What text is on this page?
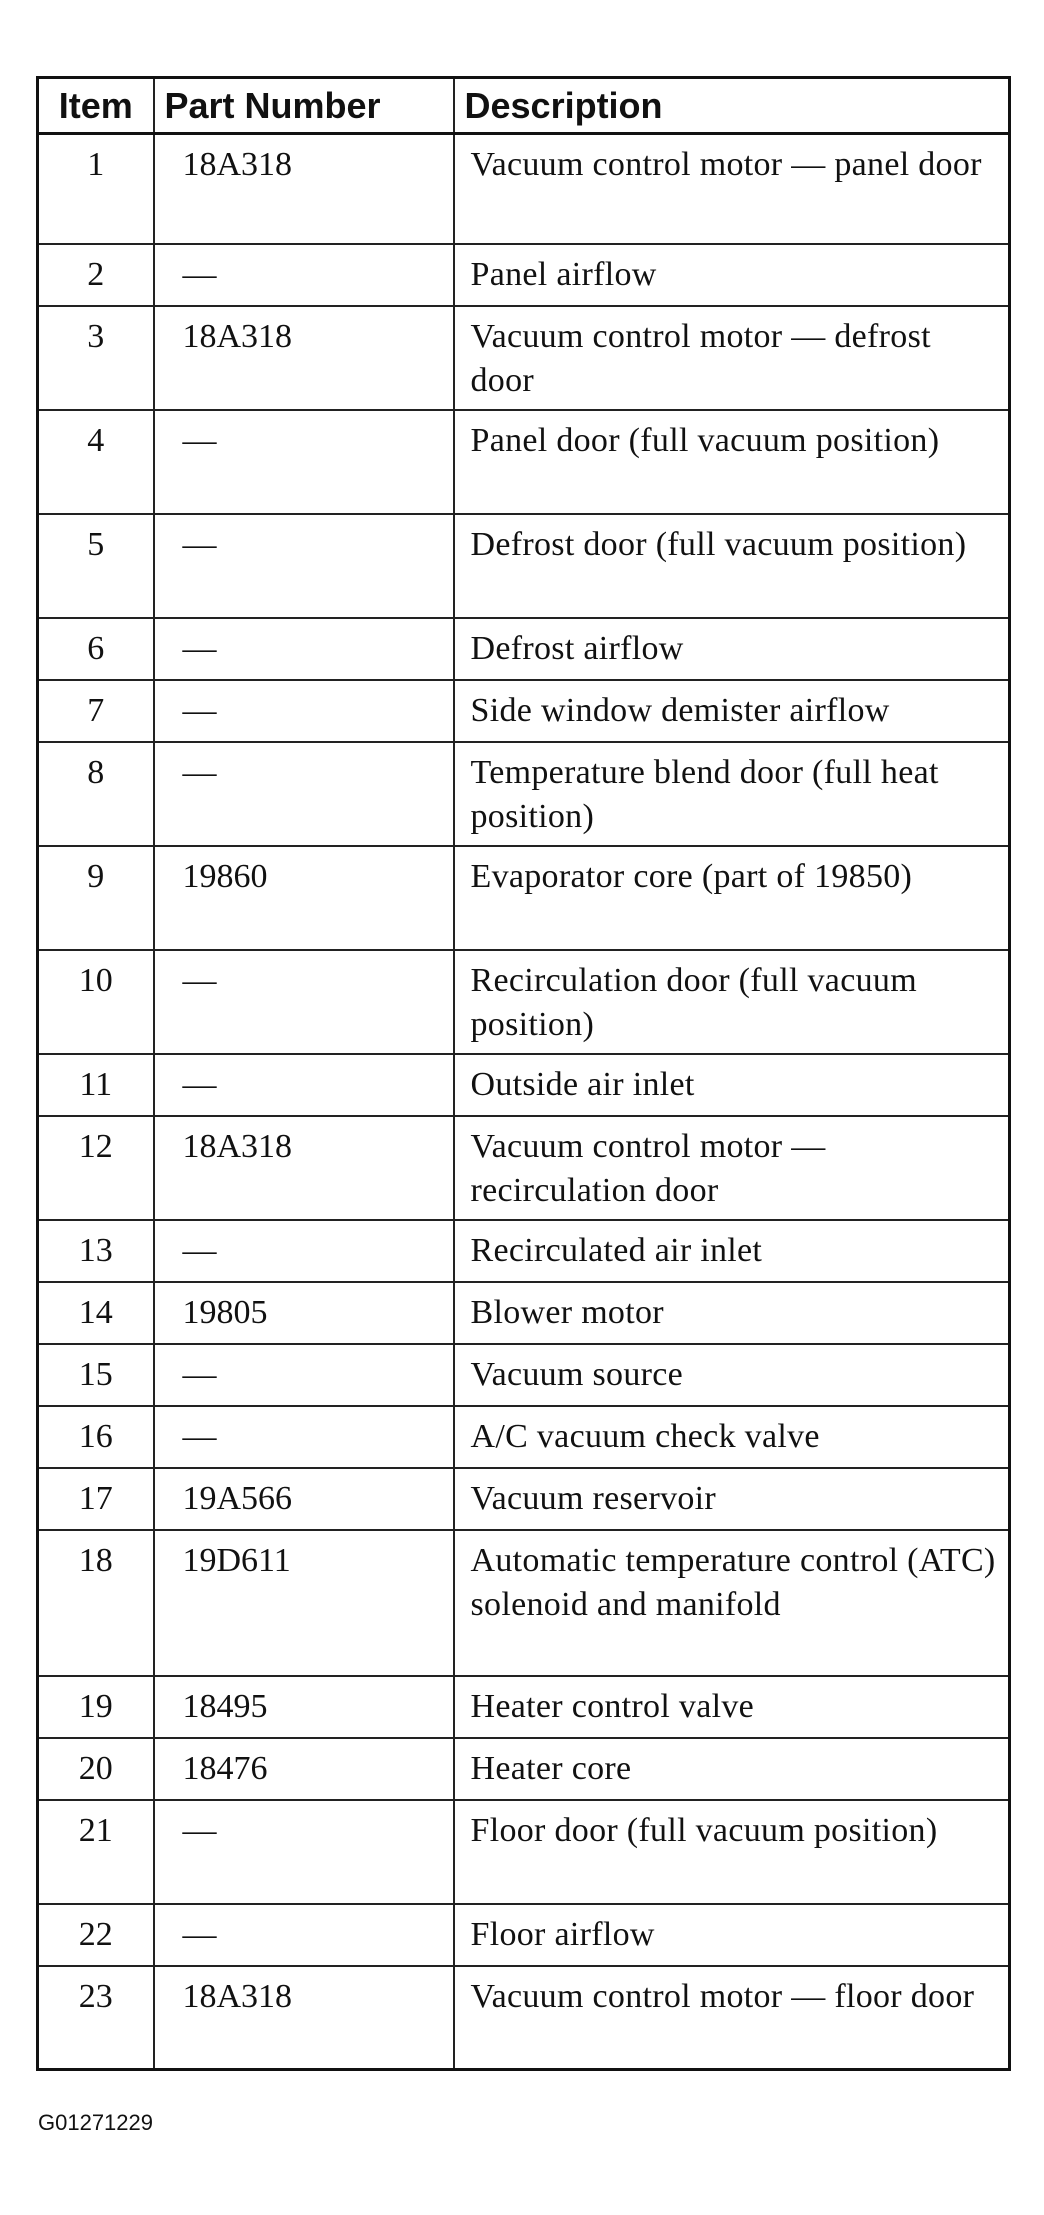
Item	Part Number	Description
1	18A318	Vacuum control motor — panel door
2	—	Panel airflow
3	18A318	Vacuum control motor — defrost door
4	—	Panel door (full vacuum position)
5	—	Defrost door (full vacuum position)
6	—	Defrost airflow
7	—	Side window demister airflow
8	—	Temperature blend door (full heat position)
9	19860	Evaporator core (part of 19850)
10	—	Recirculation door (full vacuum position)
11	—	Outside air inlet
12	18A318	Vacuum control motor — recirculation door
13	—	Recirculated air inlet
14	19805	Blower motor
15	—	Vacuum source
16	—	A/C vacuum check valve
17	19A566	Vacuum reservoir
18	19D611	Automatic temperature control (ATC) solenoid and manifold
19	18495	Heater control valve
20	18476	Heater core
21	—	Floor door (full vacuum position)
22	—	Floor airflow
23	18A318	Vacuum control motor — floor door
G01271229
